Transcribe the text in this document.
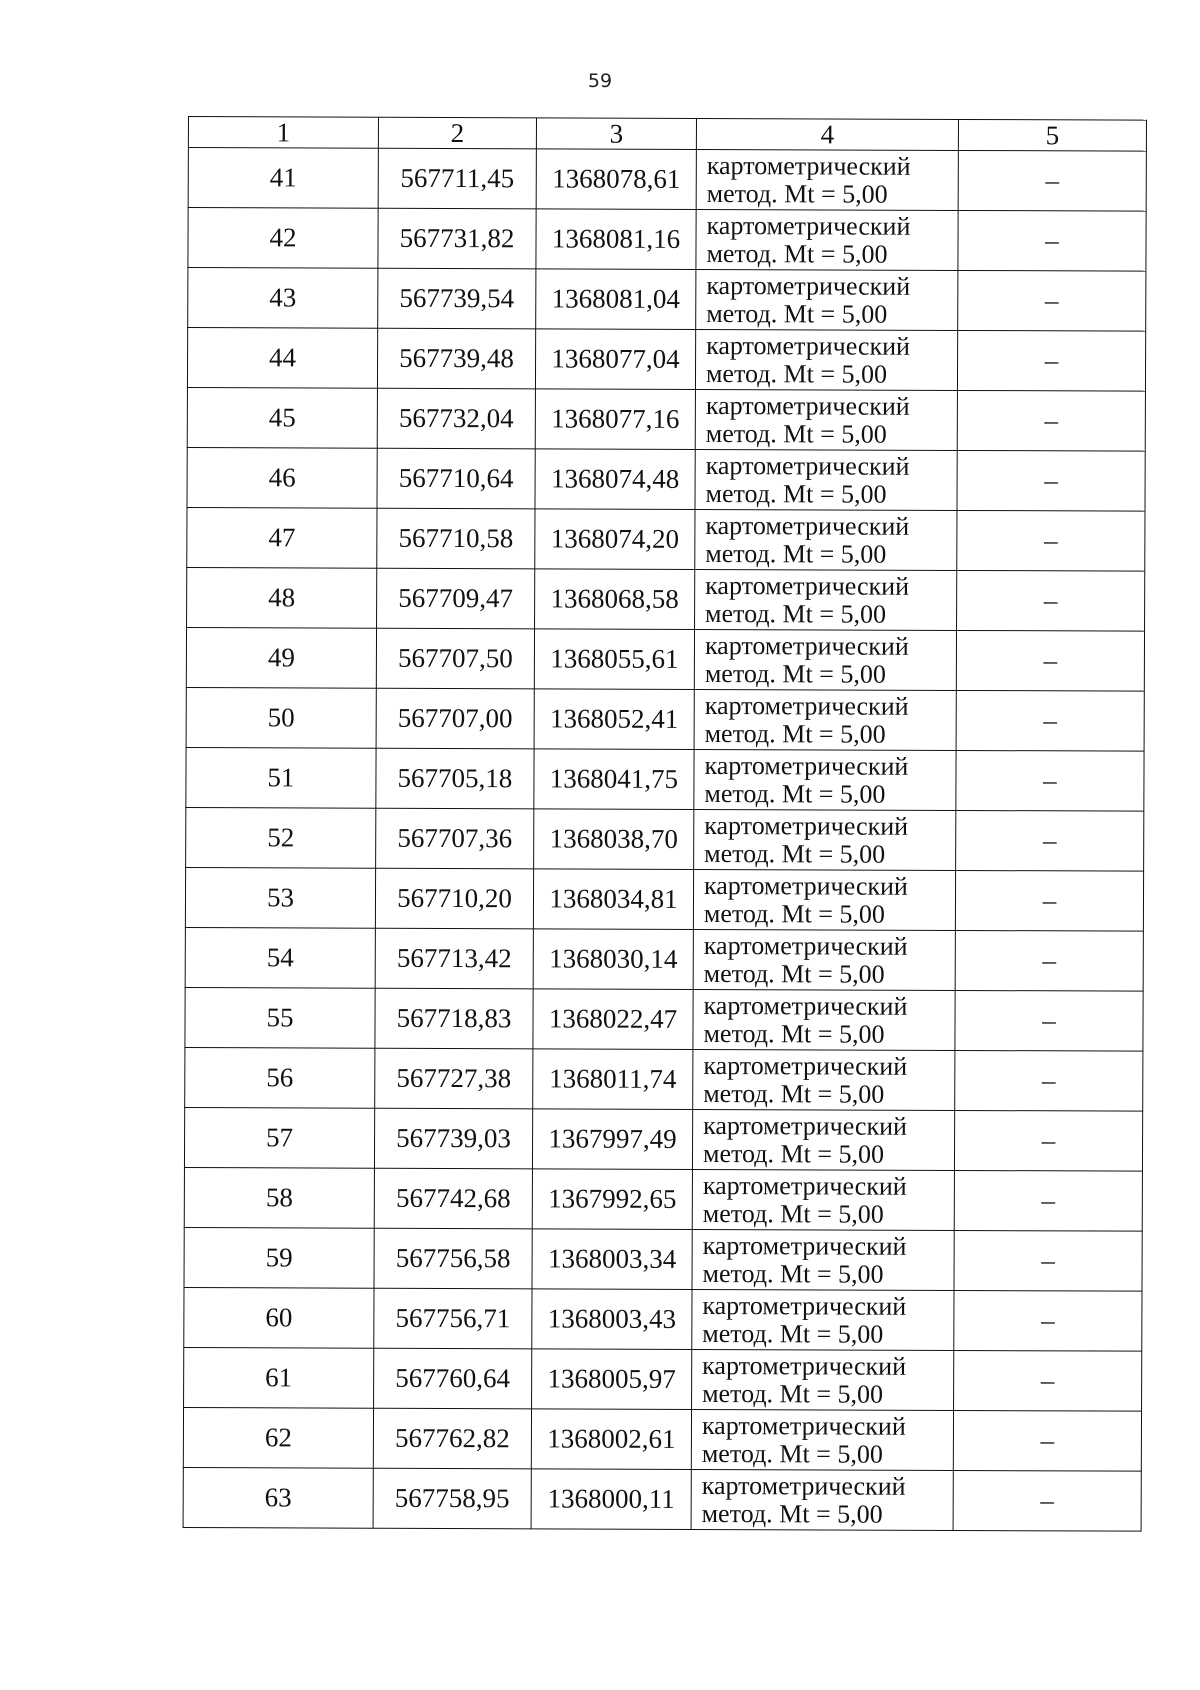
59
1	2	3	4	5
41	567711,45	1368078,61	картометрический
метод. Mt = 5,00	–
42	567731,82	1368081,16	картометрический
метод. Mt = 5,00	–
43	567739,54	1368081,04	картометрический
метод. Mt = 5,00	–
44	567739,48	1368077,04	картометрический
метод. Mt = 5,00	–
45	567732,04	1368077,16	картометрический
метод. Mt = 5,00	–
46	567710,64	1368074,48	картометрический
метод. Mt = 5,00	–
47	567710,58	1368074,20	картометрический
метод. Mt = 5,00	–
48	567709,47	1368068,58	картометрический
метод. Mt = 5,00	–
49	567707,50	1368055,61	картометрический
метод. Mt = 5,00	–
50	567707,00	1368052,41	картометрический
метод. Mt = 5,00	–
51	567705,18	1368041,75	картометрический
метод. Mt = 5,00	–
52	567707,36	1368038,70	картометрический
метод. Mt = 5,00	–
53	567710,20	1368034,81	картометрический
метод. Mt = 5,00	–
54	567713,42	1368030,14	картометрический
метод. Mt = 5,00	–
55	567718,83	1368022,47	картометрический
метод. Mt = 5,00	–
56	567727,38	1368011,74	картометрический
метод. Mt = 5,00	–
57	567739,03	1367997,49	картометрический
метод. Mt = 5,00	–
58	567742,68	1367992,65	картометрический
метод. Mt = 5,00	–
59	567756,58	1368003,34	картометрический
метод. Mt = 5,00	–
60	567756,71	1368003,43	картометрический
метод. Mt = 5,00	–
61	567760,64	1368005,97	картометрический
метод. Mt = 5,00	–
62	567762,82	1368002,61	картометрический
метод. Mt = 5,00	–
63	567758,95	1368000,11	картометрический
метод. Mt = 5,00	–
